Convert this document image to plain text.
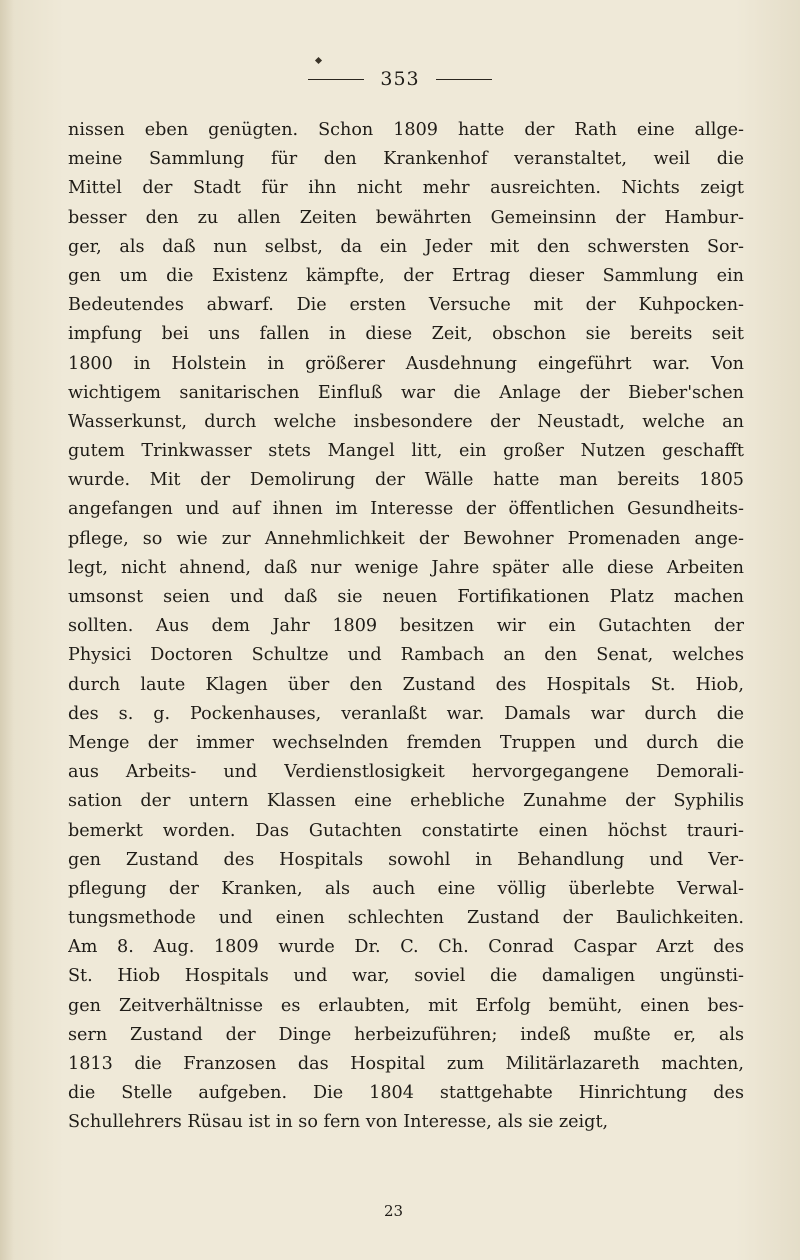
353
nissen eben genügten. Schon 1809 hatte der Rath eine allge-
meine Sammlung für den Krankenhof veranstaltet, weil die
Mittel der Stadt für ihn nicht mehr ausreichten. Nichts zeigt
besser den zu allen Zeiten bewährten Gemeinsinn der Hambur-
ger, als daß nun selbst, da ein Jeder mit den schwersten Sor-
gen um die Existenz kämpfte, der Ertrag dieser Sammlung ein
Bedeutendes abwarf. Die ersten Versuche mit der Kuhpocken-
impfung bei uns fallen in diese Zeit, obschon sie bereits seit
1800 in Holstein in größerer Ausdehnung eingeführt war. Von
wichtigem sanitarischen Einfluß war die Anlage der Bieber'schen
Wasserkunst, durch welche insbesondere der Neustadt, welche an
gutem Trinkwasser stets Mangel litt, ein großer Nutzen geschafft
wurde. Mit der Demolirung der Wälle hatte man bereits 1805
angefangen und auf ihnen im Interesse der öffentlichen Gesundheits-
pflege, so wie zur Annehmlichkeit der Bewohner Promenaden ange-
legt, nicht ahnend, daß nur wenige Jahre später alle diese Arbeiten
umsonst seien und daß sie neuen Fortifikationen Platz machen
sollten. Aus dem Jahr 1809 besitzen wir ein Gutachten der
Physici Doctoren Schultze und Rambach an den Senat, welches
durch laute Klagen über den Zustand des Hospitals St. Hiob,
des s. g. Pockenhauses, veranlaßt war. Damals war durch die
Menge der immer wechselnden fremden Truppen und durch die
aus Arbeits- und Verdienstlosigkeit hervorgegangene Demorali-
sation der untern Klassen eine erhebliche Zunahme der Syphilis
bemerkt worden. Das Gutachten constatirte einen höchst trauri-
gen Zustand des Hospitals sowohl in Behandlung und Ver-
pflegung der Kranken, als auch eine völlig überlebte Verwal-
tungsmethode und einen schlechten Zustand der Baulichkeiten.
Am 8. Aug. 1809 wurde Dr. C. Ch. Conrad Caspar Arzt des
St. Hiob Hospitals und war, soviel die damaligen ungünsti-
gen Zeitverhältnisse es erlaubten, mit Erfolg bemüht, einen bes-
sern Zustand der Dinge herbeizuführen; indeß mußte er, als
1813 die Franzosen das Hospital zum Militärlazareth machten,
die Stelle aufgeben. Die 1804 stattgehabte Hinrichtung des
Schullehrers Rüsau ist in so fern von Interesse, als sie zeigt,
23
